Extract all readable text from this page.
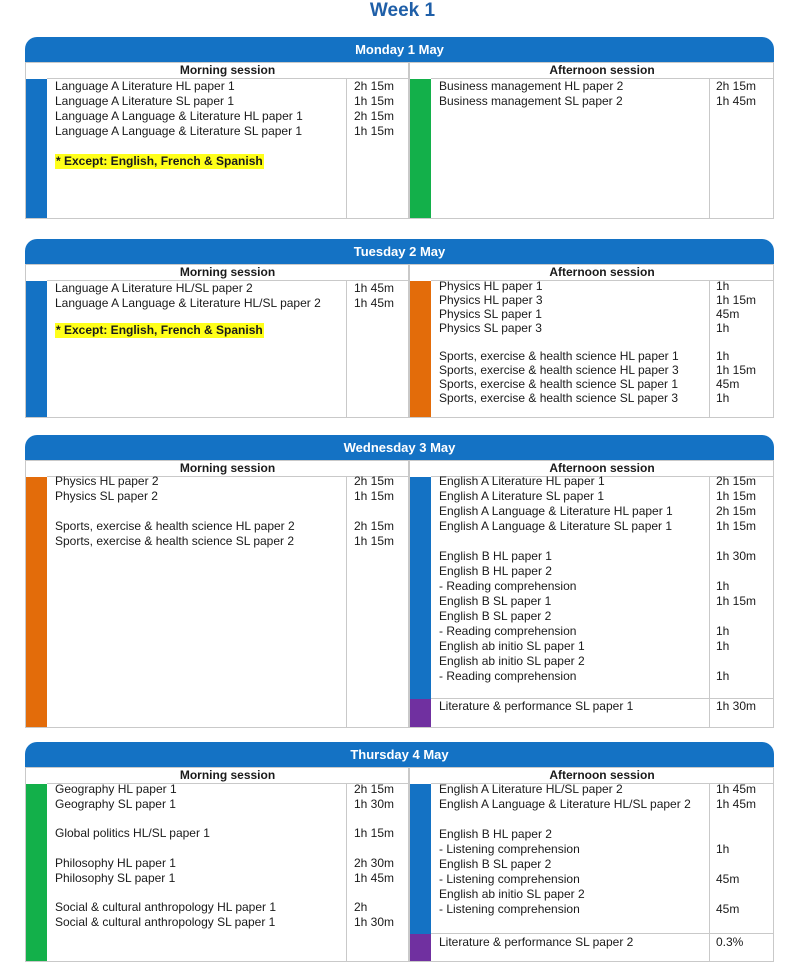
Week 1
Monday 1 May
Morning session
Language A Literature HL paper 1	2h 15m
Language A Literature SL paper 1	1h 15m
Language A Language & Literature HL paper 1	2h 15m
Language A Language & Literature SL paper 1	1h 15m
* Except: English, French & Spanish
Afternoon session
Business management HL paper 2	2h 15m
Business management SL paper 2	1h 45m
Tuesday 2 May
Morning session
Language A Literature HL/SL paper 2	1h 45m
Language A Language & Literature HL/SL paper 2	1h 45m
* Except: English, French & Spanish
Afternoon session
Physics HL paper 1	1h
Physics HL paper 3	1h 15m
Physics SL paper 1	45m
Physics SL paper 3	1h
Sports, exercise & health science HL paper 1	1h
Sports, exercise & health science HL paper 3	1h 15m
Sports, exercise & health science SL paper 1	45m
Sports, exercise & health science SL paper 3	1h
Wednesday 3 May
Morning session
Physics HL paper 2	2h 15m
Physics SL paper 2	1h 15m
Sports, exercise & health science HL paper 2	2h 15m
Sports, exercise & health science SL paper 2	1h 15m
Afternoon session
English A Literature HL paper 1	2h 15m
English A Literature SL paper 1	1h 15m
English A Language & Literature HL paper 1	2h 15m
English A Language & Literature SL paper 1	1h 15m
English B HL paper 1	1h 30m
English B HL paper 2
- Reading comprehension	1h
English B SL paper 1	1h 15m
English B SL paper 2
- Reading comprehension	1h
English ab initio SL paper 1	1h
English ab initio SL paper 2
- Reading comprehension	1h
Literature & performance SL paper 1	1h 30m
Thursday 4 May
Morning session
Geography HL paper 1	2h 15m
Geography SL paper 1	1h 30m
Global politics HL/SL paper 1	1h 15m
Philosophy HL paper 1	2h 30m
Philosophy SL paper 1	1h 45m
Social & cultural anthropology HL paper 1	2h
Social & cultural anthropology SL paper 1	1h 30m
Afternoon session
English A Literature HL/SL paper 2	1h 45m
English A Language & Literature HL/SL paper 2 1h 45m
English B HL paper 2
- Listening comprehension	1h
English B SL paper 2
- Listening comprehension	45m
English ab initio SL paper 2
- Listening comprehension	45m
Literature & performance SL paper 2	0.3%
